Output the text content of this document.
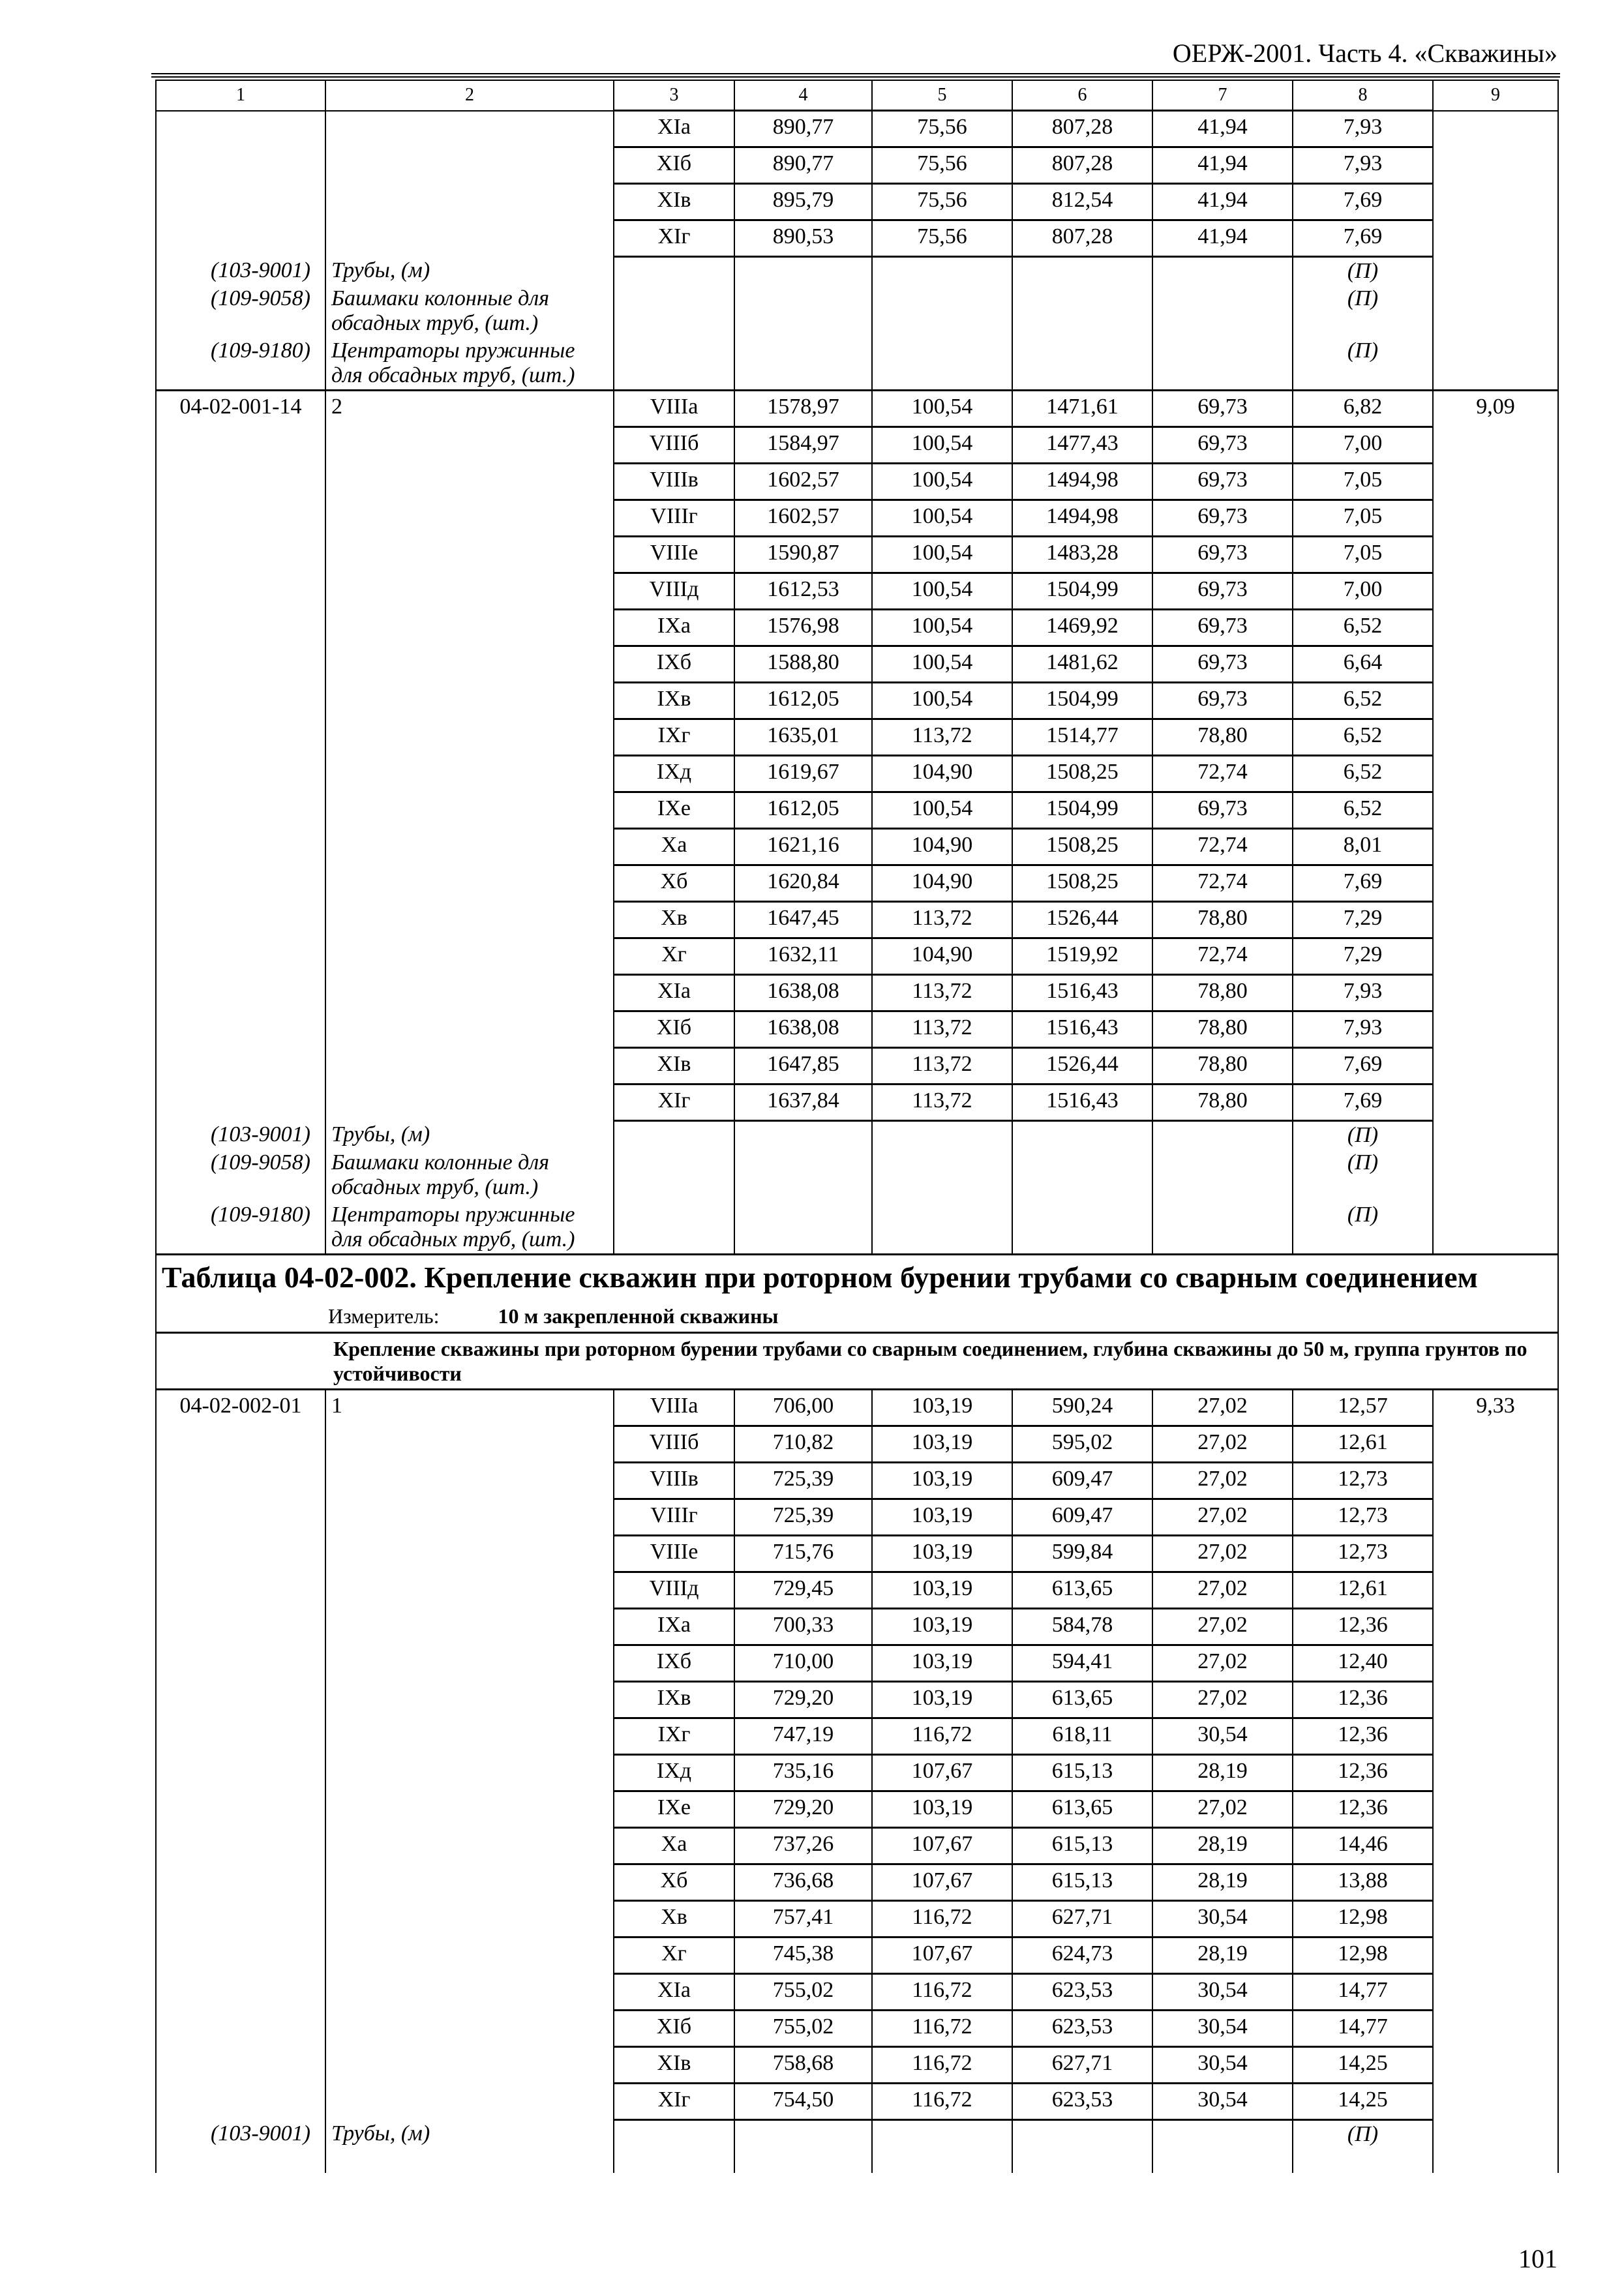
ОЕРЖ-2001. Часть 4. «Скважины»
1	2	3	4	5	6	7	8	9
		XIа	890,77	75,56	807,28	41,94	7,93	
		XIб	890,77	75,56	807,28	41,94	7,93	
		XIв	895,79	75,56	812,54	41,94	7,69	
		XIг	890,53	75,56	807,28	41,94	7,69	
(103-9001)	Трубы, (м)						(П)	
(109-9058)	Башмаки колонные для обсадных труб, (шт.)						(П)	
(109-9180)	Центраторы пружинные для обсадных труб, (шт.)						(П)	
04-02-001-14	2	VIIIа	1578,97	100,54	1471,61	69,73	6,82	9,09
		VIIIб	1584,97	100,54	1477,43	69,73	7,00	
		VIIIв	1602,57	100,54	1494,98	69,73	7,05	
		VIIIг	1602,57	100,54	1494,98	69,73	7,05	
		VIIIе	1590,87	100,54	1483,28	69,73	7,05	
		VIIIд	1612,53	100,54	1504,99	69,73	7,00	
		IXа	1576,98	100,54	1469,92	69,73	6,52	
		IXб	1588,80	100,54	1481,62	69,73	6,64	
		IXв	1612,05	100,54	1504,99	69,73	6,52	
		IXг	1635,01	113,72	1514,77	78,80	6,52	
		IXд	1619,67	104,90	1508,25	72,74	6,52	
		IXе	1612,05	100,54	1504,99	69,73	6,52	
		Xа	1621,16	104,90	1508,25	72,74	8,01	
		Xб	1620,84	104,90	1508,25	72,74	7,69	
		Xв	1647,45	113,72	1526,44	78,80	7,29	
		Xг	1632,11	104,90	1519,92	72,74	7,29	
		XIа	1638,08	113,72	1516,43	78,80	7,93	
		XIб	1638,08	113,72	1516,43	78,80	7,93	
		XIв	1647,85	113,72	1526,44	78,80	7,69	
		XIг	1637,84	113,72	1516,43	78,80	7,69	
(103-9001)	Трубы, (м)						(П)	
(109-9058)	Башмаки колонные для обсадных труб, (шт.)						(П)	
(109-9180)	Центраторы пружинные для обсадных труб, (шт.)						(П)	

Таблица 04-02-002. Крепление скважин при роторном бурении трубами со сварным соединением
Измеритель: 10 м закрепленной скважины								

	Крепление скважины при роторном бурении трубами со сварным соединением, глубина скважины до 50 м, группа грунтов по устойчивости							
04-02-002-01	1	VIIIа	706,00	103,19	590,24	27,02	12,57	9,33
		VIIIб	710,82	103,19	595,02	27,02	12,61	
		VIIIв	725,39	103,19	609,47	27,02	12,73	
		VIIIг	725,39	103,19	609,47	27,02	12,73	
		VIIIе	715,76	103,19	599,84	27,02	12,73	
		VIIIд	729,45	103,19	613,65	27,02	12,61	
		IXа	700,33	103,19	584,78	27,02	12,36	
		IXб	710,00	103,19	594,41	27,02	12,40	
		IXв	729,20	103,19	613,65	27,02	12,36	
		IXг	747,19	116,72	618,11	30,54	12,36	
		IXд	735,16	107,67	615,13	28,19	12,36	
		IXе	729,20	103,19	613,65	27,02	12,36	
		Xа	737,26	107,67	615,13	28,19	14,46	
		Xб	736,68	107,67	615,13	28,19	13,88	
		Xв	757,41	116,72	627,71	30,54	12,98	
		Xг	745,38	107,67	624,73	28,19	12,98	
		XIа	755,02	116,72	623,53	30,54	14,77	
		XIб	755,02	116,72	623,53	30,54	14,77	
		XIв	758,68	116,72	627,71	30,54	14,25	
		XIг	754,50	116,72	623,53	30,54	14,25	
(103-9001)	Трубы, (м)						(П)	

101
